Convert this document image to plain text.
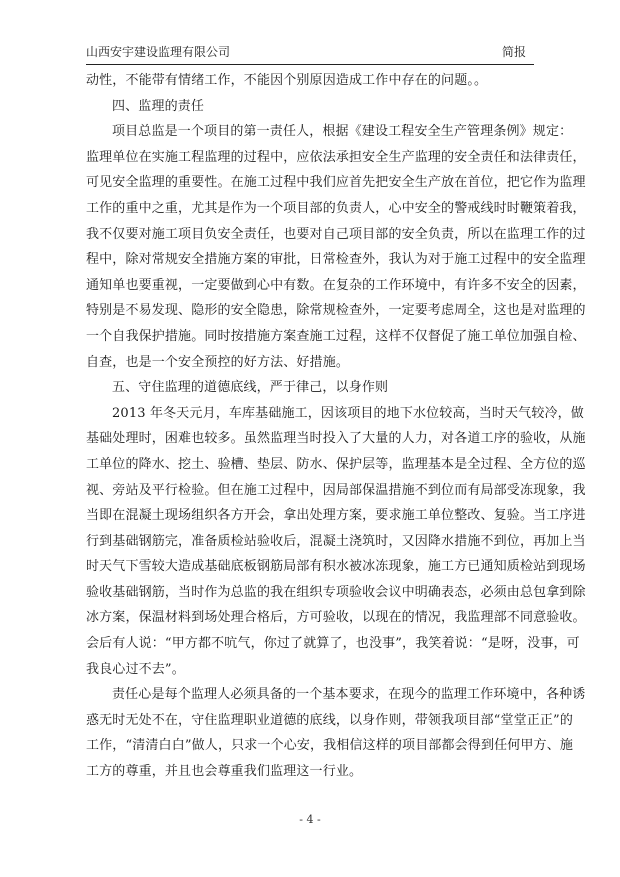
山西安宇建设监理有限公司	简报
动性，不能带有情绪工作，不能因个别原因造成工作中存在的问题。。
四、监理的责任
项目总监是一个项目的第一责任人，根据《建设工程安全生产管理条例》规定：
监理单位在实施工程监理的过程中，应依法承担安全生产监理的安全责任和法律责任，
可见安全监理的重要性。在施工过程中我们应首先把安全生产放在首位，把它作为监理
工作的重中之重，尤其是作为一个项目部的负责人，心中安全的警戒线时时鞭策着我，
我不仅要对施工项目负安全责任，也要对自己项目部的安全负责，所以在监理工作的过
程中，除对常规安全措施方案的审批，日常检查外，我认为对于施工过程中的安全监理
通知单也要重视，一定要做到心中有数。在复杂的工作环境中，有许多不安全的因素，
特别是不易发现、隐形的安全隐患，除常规检查外，一定要考虑周全，这也是对监理的
一个自我保护措施。同时按措施方案查施工过程，这样不仅督促了施工单位加强自检、
自查，也是一个安全预控的好方法、好措施。
五、守住监理的道德底线，严于律己，以身作则
2013 年冬天元月，车库基础施工，因该项目的地下水位较高，当时天气较冷，做
基础处理时，困难也较多。虽然监理当时投入了大量的人力，对各道工序的验收，从施
工单位的降水、挖土、验槽、垫层、防水、保护层等，监理基本是全过程、全方位的巡
视、旁站及平行检验。但在施工过程中，因局部保温措施不到位而有局部受冻现象，我
当即在混凝土现场组织各方开会，拿出处理方案，要求施工单位整改、复验。当工序进
行到基础钢筋完，准备质检站验收后，混凝土浇筑时，又因降水措施不到位，再加上当
时天气下雪较大造成基础底板钢筋局部有积水被冰冻现象，施工方已通知质检站到现场
验收基础钢筋，当时作为总监的我在组织专项验收会议中明确表态，必须由总包拿到除
冰方案，保温材料到场处理合格后，方可验收，以现在的情况，我监理部不同意验收。
会后有人说：“甲方都不吭气，你过了就算了，也没事”，我笑着说：“是呀，没事，可
我良心过不去”。
责任心是每个监理人必须具备的一个基本要求，在现今的监理工作环境中，各种诱
惑无时无处不在，守住监理职业道德的底线，以身作则，带领我项目部“堂堂正正”的
工作，“清清白白”做人，只求一个心安，我相信这样的项目部都会得到任何甲方、施
工方的尊重，并且也会尊重我们监理这一行业。
- 4 -
